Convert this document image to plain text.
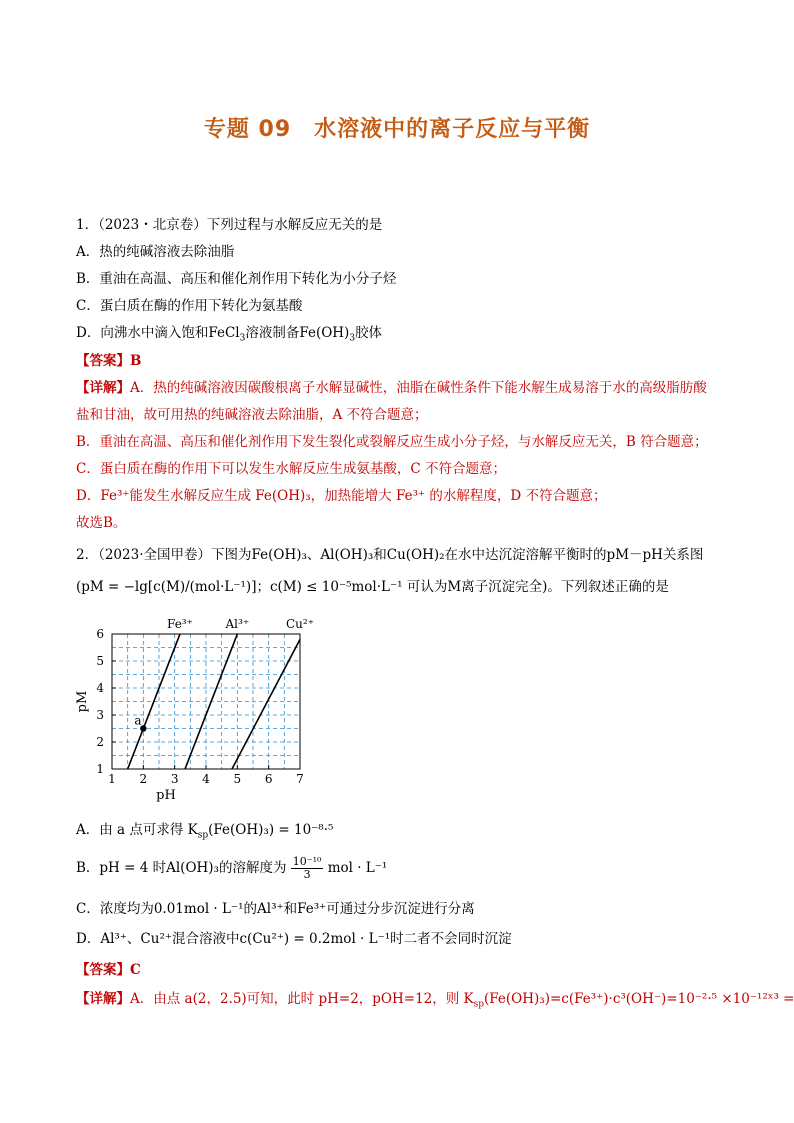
专题 09　水溶液中的离子反应与平衡
1．（2023・北京卷）下列过程与水解反应无关的是
A．热的纯碱溶液去除油脂
B．重油在高温、高压和催化剂作用下转化为小分子烃
C．蛋白质在酶的作用下转化为氨基酸
D．向沸水中滴入饱和FeCl$_3$溶液制备$Fe(OH)_3$胶体
【答案】B
【详解】A．热的纯碱溶液因碳酸根离子水解显碱性，油脂在碱性条件下能水解生成易溶于水的高级脂肪酸
盐和甘油，故可用热的纯碱溶液去除油脂，A 不符合题意；
B．重油在高温、高压和催化剂作用下发生裂化或裂解反应生成小分子烃，与水解反应无关，B 符合题意；
C．蛋白质在酶的作用下可以发生水解反应生成氨基酸，C 不符合题意；
D．Fe³⁺能发生水解反应生成 Fe(OH)₃，加热能增大 Fe³⁺ 的水解程度，D 不符合题意；
故选B。
2．（2023·全国甲卷）下图为Fe(OH)₃、Al(OH)₃和Cu(OH)₂在水中达沉淀溶解平衡时的pM－pH关系图
(pM = −lg[c(M)/(mol·L⁻¹)]；c(M) ≤ 10⁻⁵mol·L⁻¹ 可认为M离子沉淀完全)。下列叙述正确的是
1 2 3 4 5 6 7
1
2
3
4
5
6
Fe³⁺	Al³⁺	Cu²⁺
a
pH
pM
A．由 a 点可求得 $K_{sp}(Fe(OH)_3) = 10^{-8}\cdot^5$
B．pH = 4 时Al(OH)₃的溶解度为 $\frac{\text{10⁻¹⁰}}{3}$ mol · L⁻¹
C．浓度均为0.01mol · L⁻¹的Al³⁺和Fe³⁺可通过分步沉淀进行分离
D．Al³⁺、Cu²⁺混合溶液中c(Cu²⁺) = 0.2mol · L⁻¹时二者不会同时沉淀
【答案】C
【详解】A．由点 a(2，2.5)可知，此时 pH=2，pOH=12，则 $K_{sp}(Fe(OH)_3)=c(Fe^{3+})\cdot c^3(OH^-)=10^{-2}\cdot^5$ ×10⁻¹²ˣ³ =
